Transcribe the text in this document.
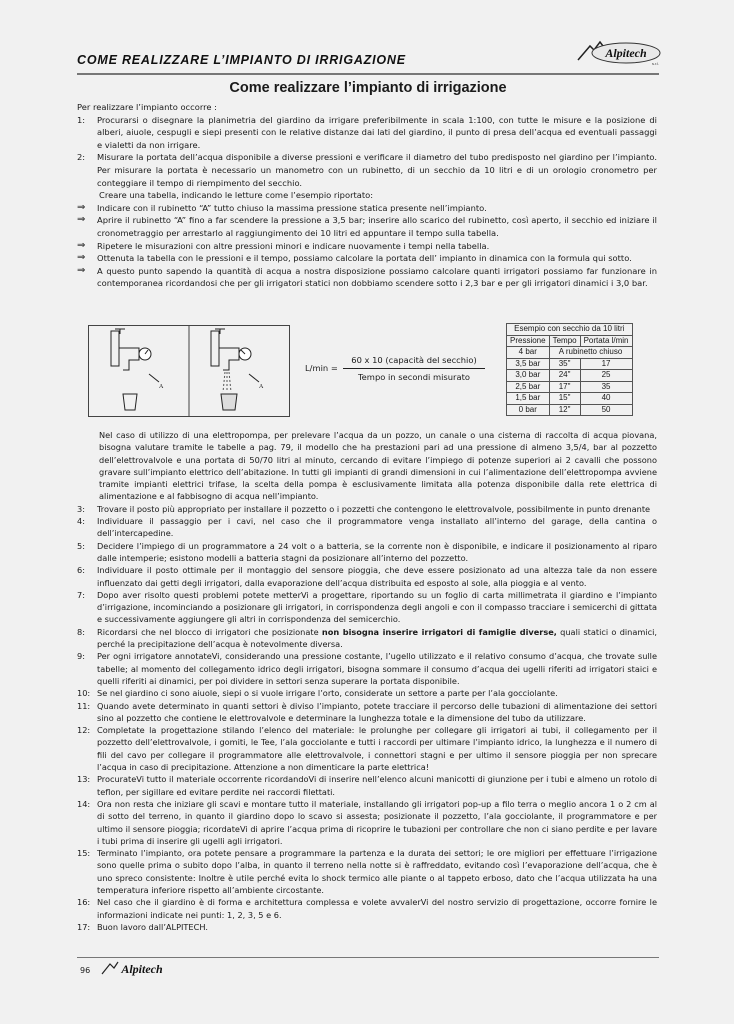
COME REALIZZARE L’IMPIANTO DI IRRIGAZIONE	Alpitech
s.r.l.
Come realizzare l’impianto di irrigazione
Per realizzare l’impianto occorre :
1:	Procurarsi o disegnare la planimetria del giardino da irrigare preferibilmente in scala 1:100, con tutte le misure e la posizione di alberi, aiuole, cespugli e siepi presenti con le relative distanze dai lati del giardino, il punto di presa dell’acqua ed eventuali passaggi e vialetti da non irrigare.
2:	Misurare la portata dell’acqua disponibile a diverse pressioni e verificare il diametro del tubo predisposto nel giardino per l’impianto. Per misurare la portata è necessario un manometro con un rubinetto, di un secchio da 10 litri e di un orologio cronometro per conteggiare il tempo di riempimento del secchio.
Creare una tabella, indicando le letture come l’esempio riportato:
⇒	Indicare con il rubinetto “A” tutto chiuso la massima pressione statica presente nell’impianto.
⇒	Aprire il rubinetto “A” fino a far scendere la pressione a 3,5 bar; inserire allo scarico del rubinetto, così aperto, il secchio ed iniziare il cronometraggio per arrestarlo al raggiungimento dei 10 litri ed appuntare il tempo sulla tabella.
⇒	Ripetere le misurazioni con altre pressioni minori e indicare nuovamente i tempi nella tabella.
⇒	Ottenuta la tabella con le pressioni e il tempo, possiamo calcolare la portata dell’ impianto in dinamica con la formula qui sotto.
⇒	A questo punto sapendo la quantità di acqua a nostra disposizione possiamo calcolare quanti irrigatori possiamo far funzionare in contemporanea ricordandosi che per gli irrigatori statici non dobbiamo scendere sotto i 2,3 bar e per gli irrigatori dinamici i 3,0 bar.
A	A
L/min =
60 x 10 (capacità del secchio)
Tempo in secondi misurato
Esempio con secchio da 10 litri		
Pressione	Tempo	Portata l/min
4 bar	A rubinetto chiuso	
3,5 bar	35"	17
3,0 bar	24"	25
2,5 bar	17"	35
1,5 bar	15"	40
0 bar	12"	50
Nel caso di utilizzo di una elettropompa, per prelevare l’acqua da un pozzo, un canale o una cisterna di raccolta di acqua piovana, bisogna valutare tramite le tabelle a pag. 79, il modello che ha prestazioni pari ad una pressione di almeno 3,5/4, bar al pozzetto dell’elettrovalvole e una portata di 50/70 litri al minuto, cercando di evitare l’impiego di potenze superiori ai 2 cavalli che possono gravare sull’impianto elettrico dell’abitazione. In tutti gli impianti di grandi dimensioni in cui l’alimentazione dell’elettropompa avviene tramite impianti elettrici trifase, la scelta della pompa è esclusivamente limitata alla potenza disponibile dalla rete elettrica di alimentazione e al fabbisogno di acqua nell’impianto.
3:	Trovare il posto più appropriato per installare il pozzetto o i pozzetti che contengono le elettrovalvole, possibilmente in punto drenante
4:	Individuare il passaggio per i cavi, nel caso che il programmatore venga installato all’interno del garage, della cantina o dell’intercapedine.
5:	Decidere l’impiego di un programmatore a 24 volt o a batteria, se la corrente non è disponibile, e indicare il posizionamento al riparo dalle intemperie; esistono modelli a batteria stagni da posizionare all’interno del pozzetto.
6:	Individuare il posto ottimale per il montaggio del sensore pioggia, che deve essere posizionato ad una altezza tale da non essere influenzato dai getti degli irrigatori, dalla evaporazione dell’acqua distribuita ed esposto al sole, alla pioggia e al vento.
7:	Dopo aver risolto questi problemi potete metterVi a progettare, riportando su un foglio di carta millimetrata il giardino e l’impianto d’irrigazione, incominciando a posizionare gli irrigatori, in corrispondenza degli angoli e con il compasso tracciare i semicerchi di gittata e successivamente aggiungere gli altri in corrispondenza del semicerchio.
8:	Ricordarsi che nel blocco di irrigatori che posizionate non bisogna inserire irrigatori di famiglie diverse, quali statici o dinamici, perché la precipitazione dell’acqua è notevolmente diversa.
9:	Per ogni irrigatore annotateVi, considerando una pressione costante, l’ugello utilizzato e il relativo consumo d’acqua, che trovate sulle tabelle; al momento del collegamento idrico degli irrigatori, bisogna sommare il consumo d’acqua dei ugelli riferiti ad irrigatori staici e quelli riferiti ai dinamici, per poi dividere in settori senza superare la portata disponibile.
10: Se nel giardino ci sono aiuole, siepi o si vuole irrigare l’orto, considerate un settore a parte per l’ala gocciolante.
11: Quando avete determinato in quanti settori è diviso l’impianto, potete tracciare il percorso delle tubazioni di alimentazione dei settori sino al pozzetto che contiene le elettrovalvole e determinare la lunghezza totale e la dimensione del tubo da utilizzare.
12: Completate la progettazione stilando l’elenco del materiale: le prolunghe per collegare gli irrigatori ai tubi, il collegamento per il pozzetto dell’elettrovalvole, i gomiti, le Tee, l’ala gocciolante e tutti i raccordi per ultimare l’impianto idrico, la lunghezza e il numero di fili del cavo per collegare il programmatore alle elettrovalvole, i connettori stagni e per ultimo il sensore pioggia per non sprecare l’acqua in caso di precipitazione. Attenzione a non dimenticare la parte elettrica!
13: ProcurateVi tutto il materiale occorrente ricordandoVi di inserire nell’elenco alcuni manicotti di giunzione per i tubi e almeno un rotolo di teflon, per sigillare ed evitare perdite nei raccordi filettati.
14: Ora non resta che iniziare gli scavi e montare tutto il materiale, installando gli irrigatori pop-up a filo terra o meglio ancora 1 o 2 cm al di sotto del terreno, in quanto il giardino dopo lo scavo si assesta; posizionate il pozzetto, l’ala gocciolante, il programmatore e per ultimo il sensore pioggia; ricordateVi di aprire l’acqua prima di ricoprire le tubazioni per controllare che non ci siano perdite e per lavare i tubi prima di inserire gli ugelli agli irrigatori.
15: Terminato l’impianto, ora potete pensare a programmare la partenza e la durata dei settori; le ore migliori per effettuare l’irrigazione sono quelle prima o subito dopo l’alba, in quanto il terreno nella notte si è raffreddato, evitando così l’evaporazione dell’acqua, che è uno spreco consistente: Inoltre è utile perché evita lo shock termico alle piante o al tappeto erboso, dato che l’acqua utilizzata ha una temperatura inferiore rispetto all’ambiente circostante.
16: Nel caso che il giardino è di forma e architettura complessa e volete avvalerVi del nostro servizio di progettazione, occorre fornire le informazioni indicate nei punti: 1, 2, 3, 5 e 6.
17: Buon lavoro dall’ALPITECH.
96	Alpitech
